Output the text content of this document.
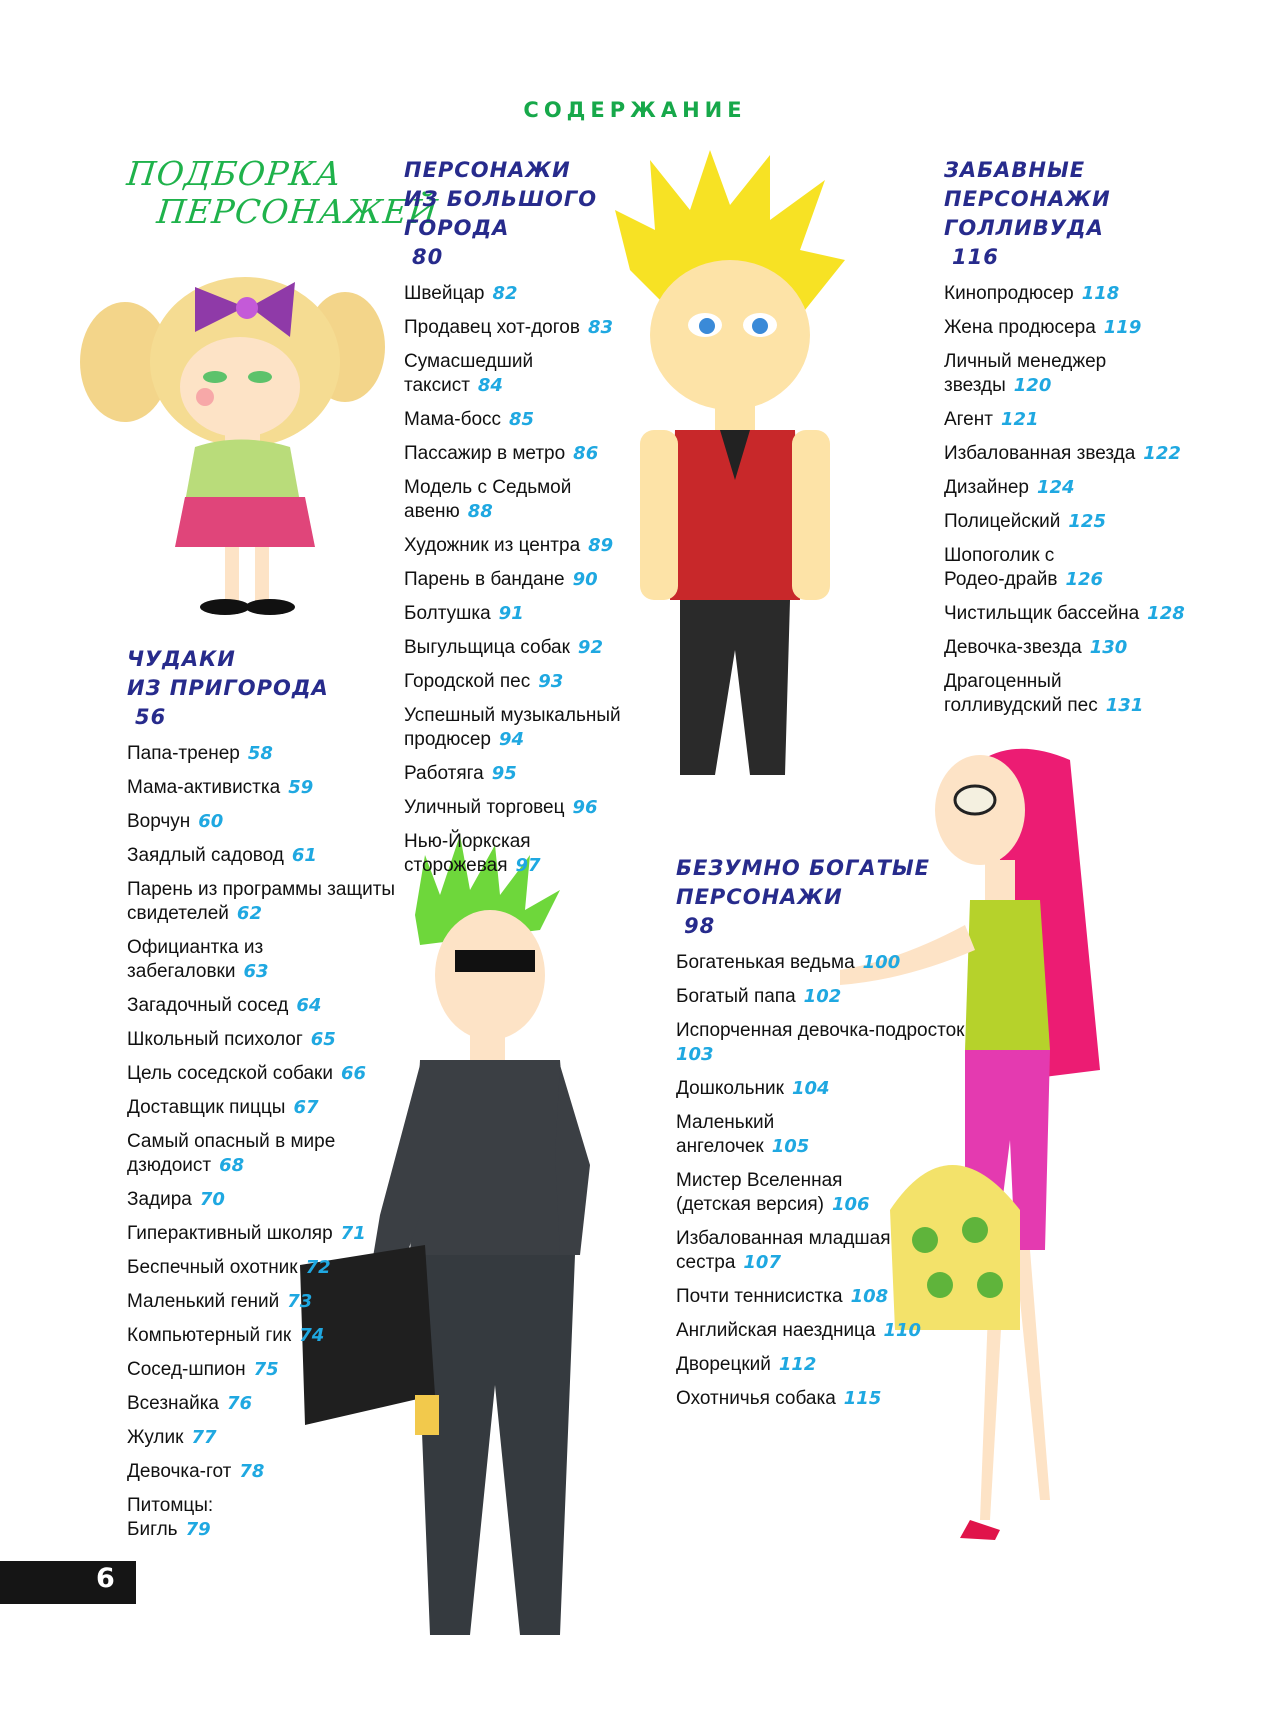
СОДЕРЖАНИЕ
ПОДБОРКА
ПЕРСОНАЖЕЙ
ЧУДАКИ
ИЗ ПРИГОРОДА
56
Папа-тренер 58
Мама-активистка 59
Ворчун 60
Заядлый садовод 61
Парень из программы защиты свидетелей 62
Официантка из забегаловки 63
Загадочный сосед 64
Школьный психолог 65
Цель соседской собаки 66
Доставщик пиццы 67
Самый опасный в мире дзюдоист 68
Задира 70
Гиперактивный школяр 71
Беспечный охотник 72
Маленький гений 73
Компьютерный гик 74
Сосед-шпион 75
Всезнайка 76
Жулик 77
Девочка-гот 78
Питомцы: Бигль 79
ПЕРСОНАЖИ
ИЗ БОЛЬШОГО
ГОРОДА
80
Швейцар 82
Продавец хот-догов 83
Сумасшедший таксист 84
Мама-босс 85
Пассажир в метро 86
Модель с Седьмой авеню 88
Художник из центра 89
Парень в бандане 90
Болтушка 91
Выгульщица собак 92
Городской пес 93
Успешный музыкальный продюсер 94
Работяга 95
Уличный торговец 96
Нью-Йоркская сторожевая 97	БЕЗУМНО БОГАТЫЕ
ПЕРСОНАЖИ
98
Богатенькая ведьма 100
Богатый папа 102
Испорченная девочка-подросток
103
Дошкольник 104
Маленький ангелочек 105
Мистер Вселенная (детская версия) 106
Избалованная младшая сестра 107
Почти теннисистка 108
Английская наездница 110
Дворецкий 112
Охотничья собака 115
ЗАБАВНЫЕ
ПЕРСОНАЖИ
ГОЛЛИВУДА
116
Кинопродюсер 118
Жена продюсера 119
Личный менеджер звезды 120
Агент 121
Избалованная звезда 122
Дизайнер 124
Полицейский 125
Шопоголик с Родео-драйв 126
Чистильщик бассейна 128
Девочка-звезда 130
Драгоценный голливудский пес 131
6
